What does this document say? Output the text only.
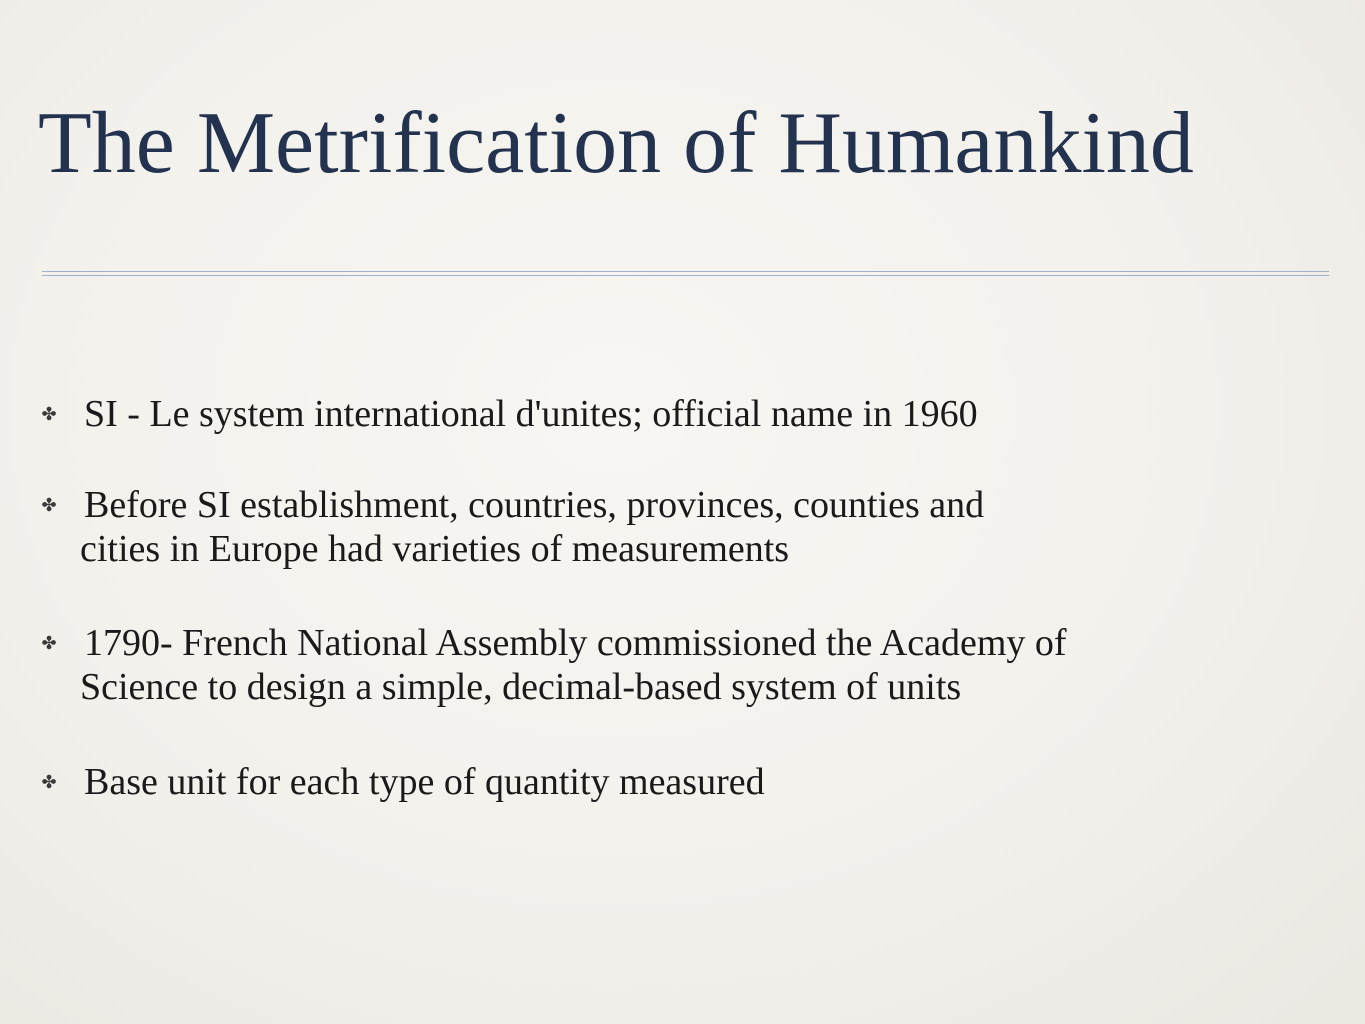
The Metrification of Humankind
✤ SI - Le system international d'unites; official name in 1960
✤ Before SI establishment, countries, provinces, counties and
cities in Europe had varieties of measurements
✤ 1790- French National Assembly commissioned the Academy of
Science to design a simple, decimal-based system of units
✤ Base unit for each type of quantity measured
